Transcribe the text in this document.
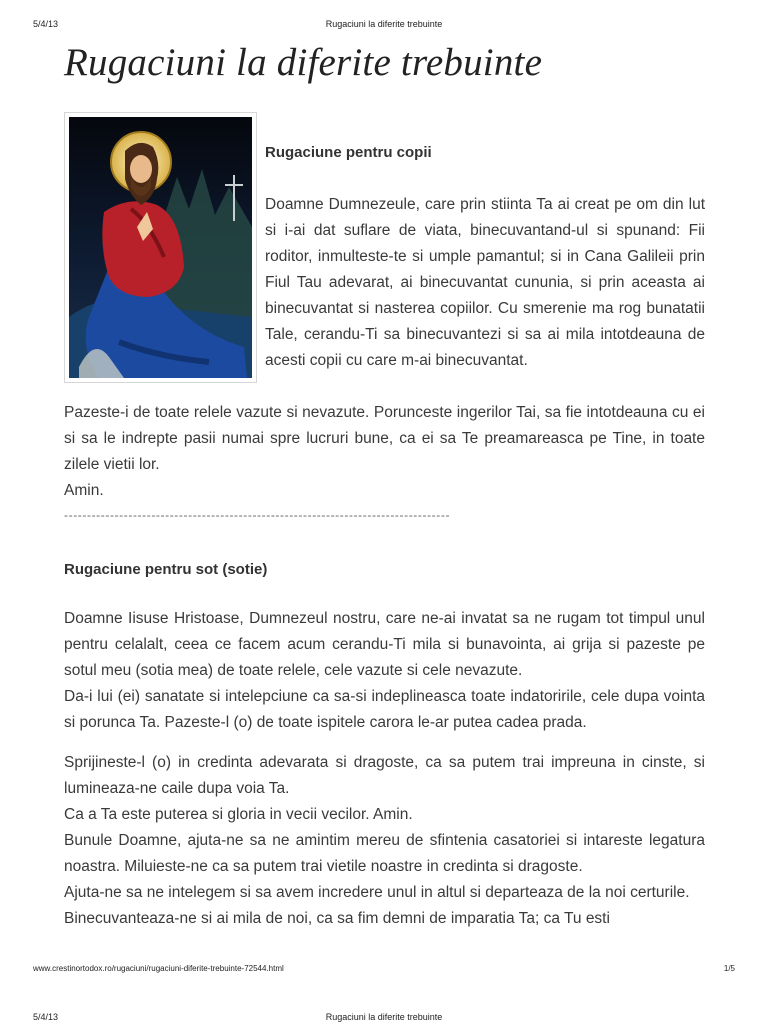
5/4/13	Rugaciuni la diferite trebuinte
Rugaciuni la diferite trebuinte
Rugaciune pentru copii

Doamne Dumnezeule, care prin stiinta Ta ai creat pe om din lut si i-ai dat suflare de viata, binecuvantand-ul si spunand: Fii roditor, inmulteste-te si umple pamantul; si in Cana Galileii prin Fiul Tau adevarat, ai binecuvantat cununia, si prin aceasta ai binecuvantat si nasterea copiilor. Cu smerenie ma rog bunatatii Tale, cerandu-Ti sa binecuvantezi si sa ai mila intotdeauna de acesti copii cu care m-ai binecuvantat.

Pazeste-i de toate relele vazute si nevazute. Porunceste ingerilor Tai, sa fie intotdeauna cu ei si sa le indrepte pasii numai spre lucruri bune, ca ei sa Te preamareasca pe Tine, in toate zilele vietii lor.

Amin.

------------------------------------------------------------------------------------
Rugaciune pentru sot (sotie)

Doamne Iisuse Hristoase, Dumnezeul nostru, care ne-ai invatat sa ne rugam tot timpul unul pentru celalalt, ceea ce facem acum cerandu-Ti mila si bunavointa, ai grija si pazeste pe sotul meu (sotia mea) de toate relele, cele vazute si cele nevazute.

Da-i lui (ei) sanatate si intelepciune ca sa-si indeplineasca toate indatoririle, cele dupa vointa si porunca Ta. Pazeste-l (o) de toate ispitele carora le-ar putea cadea prada.

Sprijineste-l (o) in credinta adevarata si dragoste, ca sa putem trai impreuna in cinste, si lumineaza-ne caile dupa voia Ta.

Ca a Ta este puterea si gloria in vecii vecilor. Amin.

Bunule Doamne, ajuta-ne sa ne amintim mereu de sfintenia casatoriei si intareste legatura noastra. Miluieste-ne ca sa putem trai vietile noastre in credinta si dragoste.

Ajuta-ne sa ne intelegem si sa avem incredere unul in altul si departeaza de la noi certurile.

Binecuvanteaza-ne si ai mila de noi, ca sa fim demni de imparatia Ta; ca Tu esti

www.crestinortodox.ro/rugaciuni/rugaciuni-diferite-trebuinte-72544.html	1/5
5/4/13	Rugaciuni la diferite trebuinte
